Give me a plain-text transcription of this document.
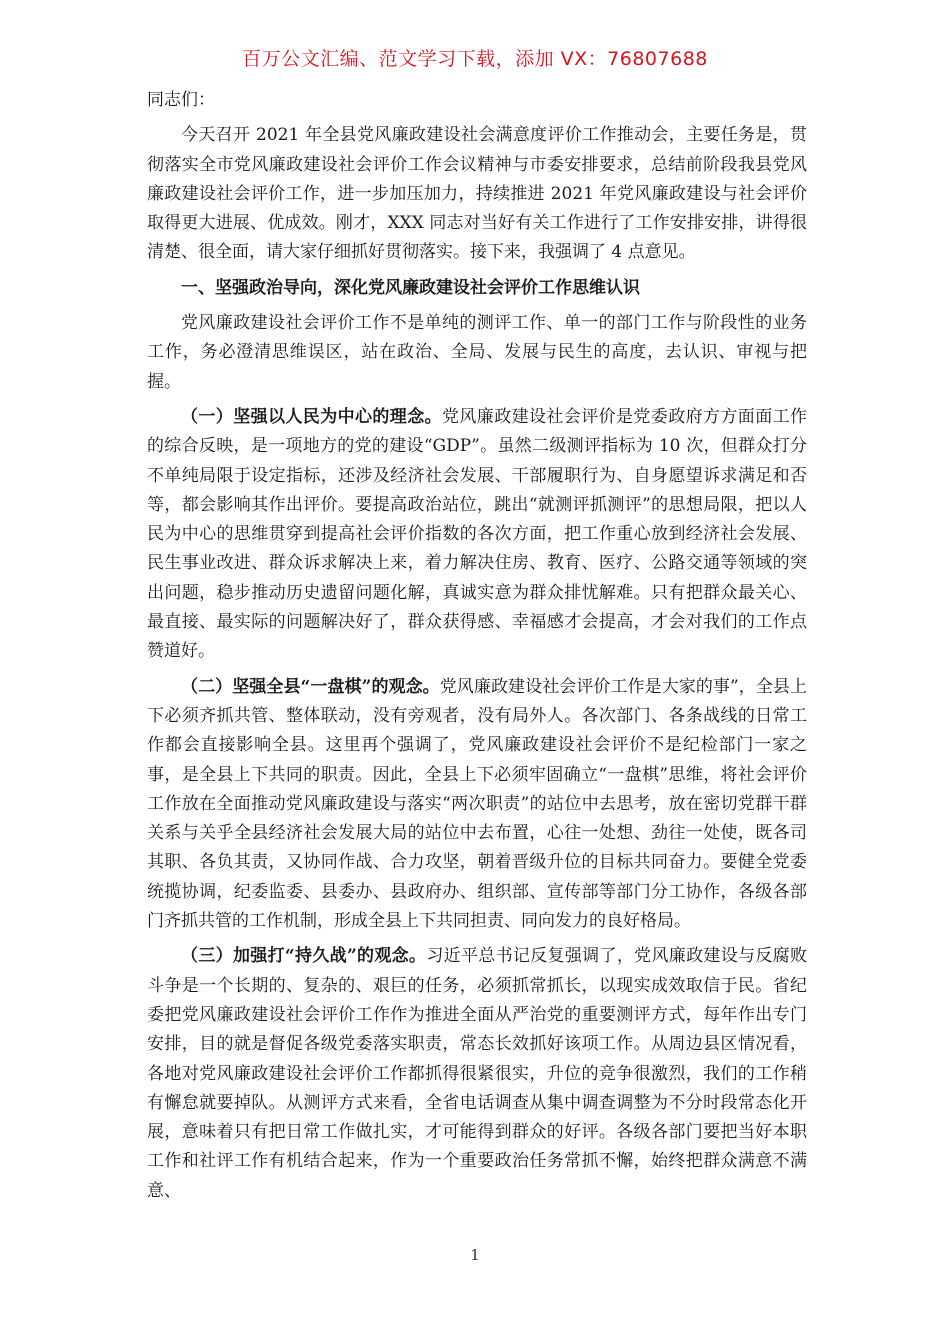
百万公文汇编、范文学习下载，添加 VX：76807688

同志们：

今天召开 2021 年全县党风廉政建设社会满意度评价工作推动会，主要任务是，贯彻落实全市党风廉政建设社会评价工作会议精神与市委安排要求，总结前阶段我县党风廉政建设社会评价工作，进一步加压加力，持续推进 2021 年党风廉政建设与社会评价取得更大进展、优成效。刚才，XXX 同志对当好有关工作进行了工作安排安排，讲得很清楚、很全面，请大家仔细抓好贯彻落实。接下来，我强调了 4 点意见。

一、坚强政治导向，深化党风廉政建设社会评价工作思维认识

党风廉政建设社会评价工作不是单纯的测评工作、单一的部门工作与阶段性的业务工作，务必澄清思维误区，站在政治、全局、发展与民生的高度，去认识、审视与把握。

（一）坚强以人民为中心的理念。党风廉政建设社会评价是党委政府方方面面工作的综合反映，是一项地方的党的建设“GDP”。虽然二级测评指标为 10 次，但群众打分不单纯局限于设定指标，还涉及经济社会发展、干部履职行为、自身愿望诉求满足和否等，都会影响其作出评价。要提高政治站位，跳出“就测评抓测评”的思想局限，把以人民为中心的思维贯穿到提高社会评价指数的各次方面，把工作重心放到经济社会发展、民生事业改进、群众诉求解决上来，着力解决住房、教育、医疗、公路交通等领域的突出问题，稳步推动历史遗留问题化解，真诚实意为群众排忧解难。只有把群众最关心、最直接、最实际的问题解决好了，群众获得感、幸福感才会提高，才会对我们的工作点赞道好。

（二）坚强全县“一盘棋”的观念。党风廉政建设社会评价工作是大家的事”，全县上下必须齐抓共管、整体联动，没有旁观者，没有局外人。各次部门、各条战线的日常工作都会直接影响全县。这里再个强调了，党风廉政建设社会评价不是纪检部门一家之事，是全县上下共同的职责。因此，全县上下必须牢固确立“一盘棋”思维，将社会评价工作放在全面推动党风廉政建设与落实“两次职责”的站位中去思考，放在密切党群干群关系与关乎全县经济社会发展大局的站位中去布置，心往一处想、劲往一处使，既各司其职、各负其责，又协同作战、合力攻坚，朝着晋级升位的目标共同奋力。要健全党委统揽协调，纪委监委、县委办、县政府办、组织部、宣传部等部门分工协作，各级各部门齐抓共管的工作机制，形成全县上下共同担责、同向发力的良好格局。

（三）加强打“持久战”的观念。习近平总书记反复强调了，党风廉政建设与反腐败斗争是一个长期的、复杂的、艰巨的任务，必须抓常抓长，以现实成效取信于民。省纪委把党风廉政建设社会评价工作作为推进全面从严治党的重要测评方式，每年作出专门安排，目的就是督促各级党委落实职责，常态长效抓好该项工作。从周边县区情况看，各地对党风廉政建设社会评价工作都抓得很紧很实，升位的竞争很激烈，我们的工作稍有懈怠就要掉队。从测评方式来看，全省电话调查从集中调查调整为不分时段常态化开展，意味着只有把日常工作做扎实，才可能得到群众的好评。各级各部门要把当好本职工作和社评工作有机结合起来，作为一个重要政治任务常抓不懈，始终把群众满意不满意、

1
